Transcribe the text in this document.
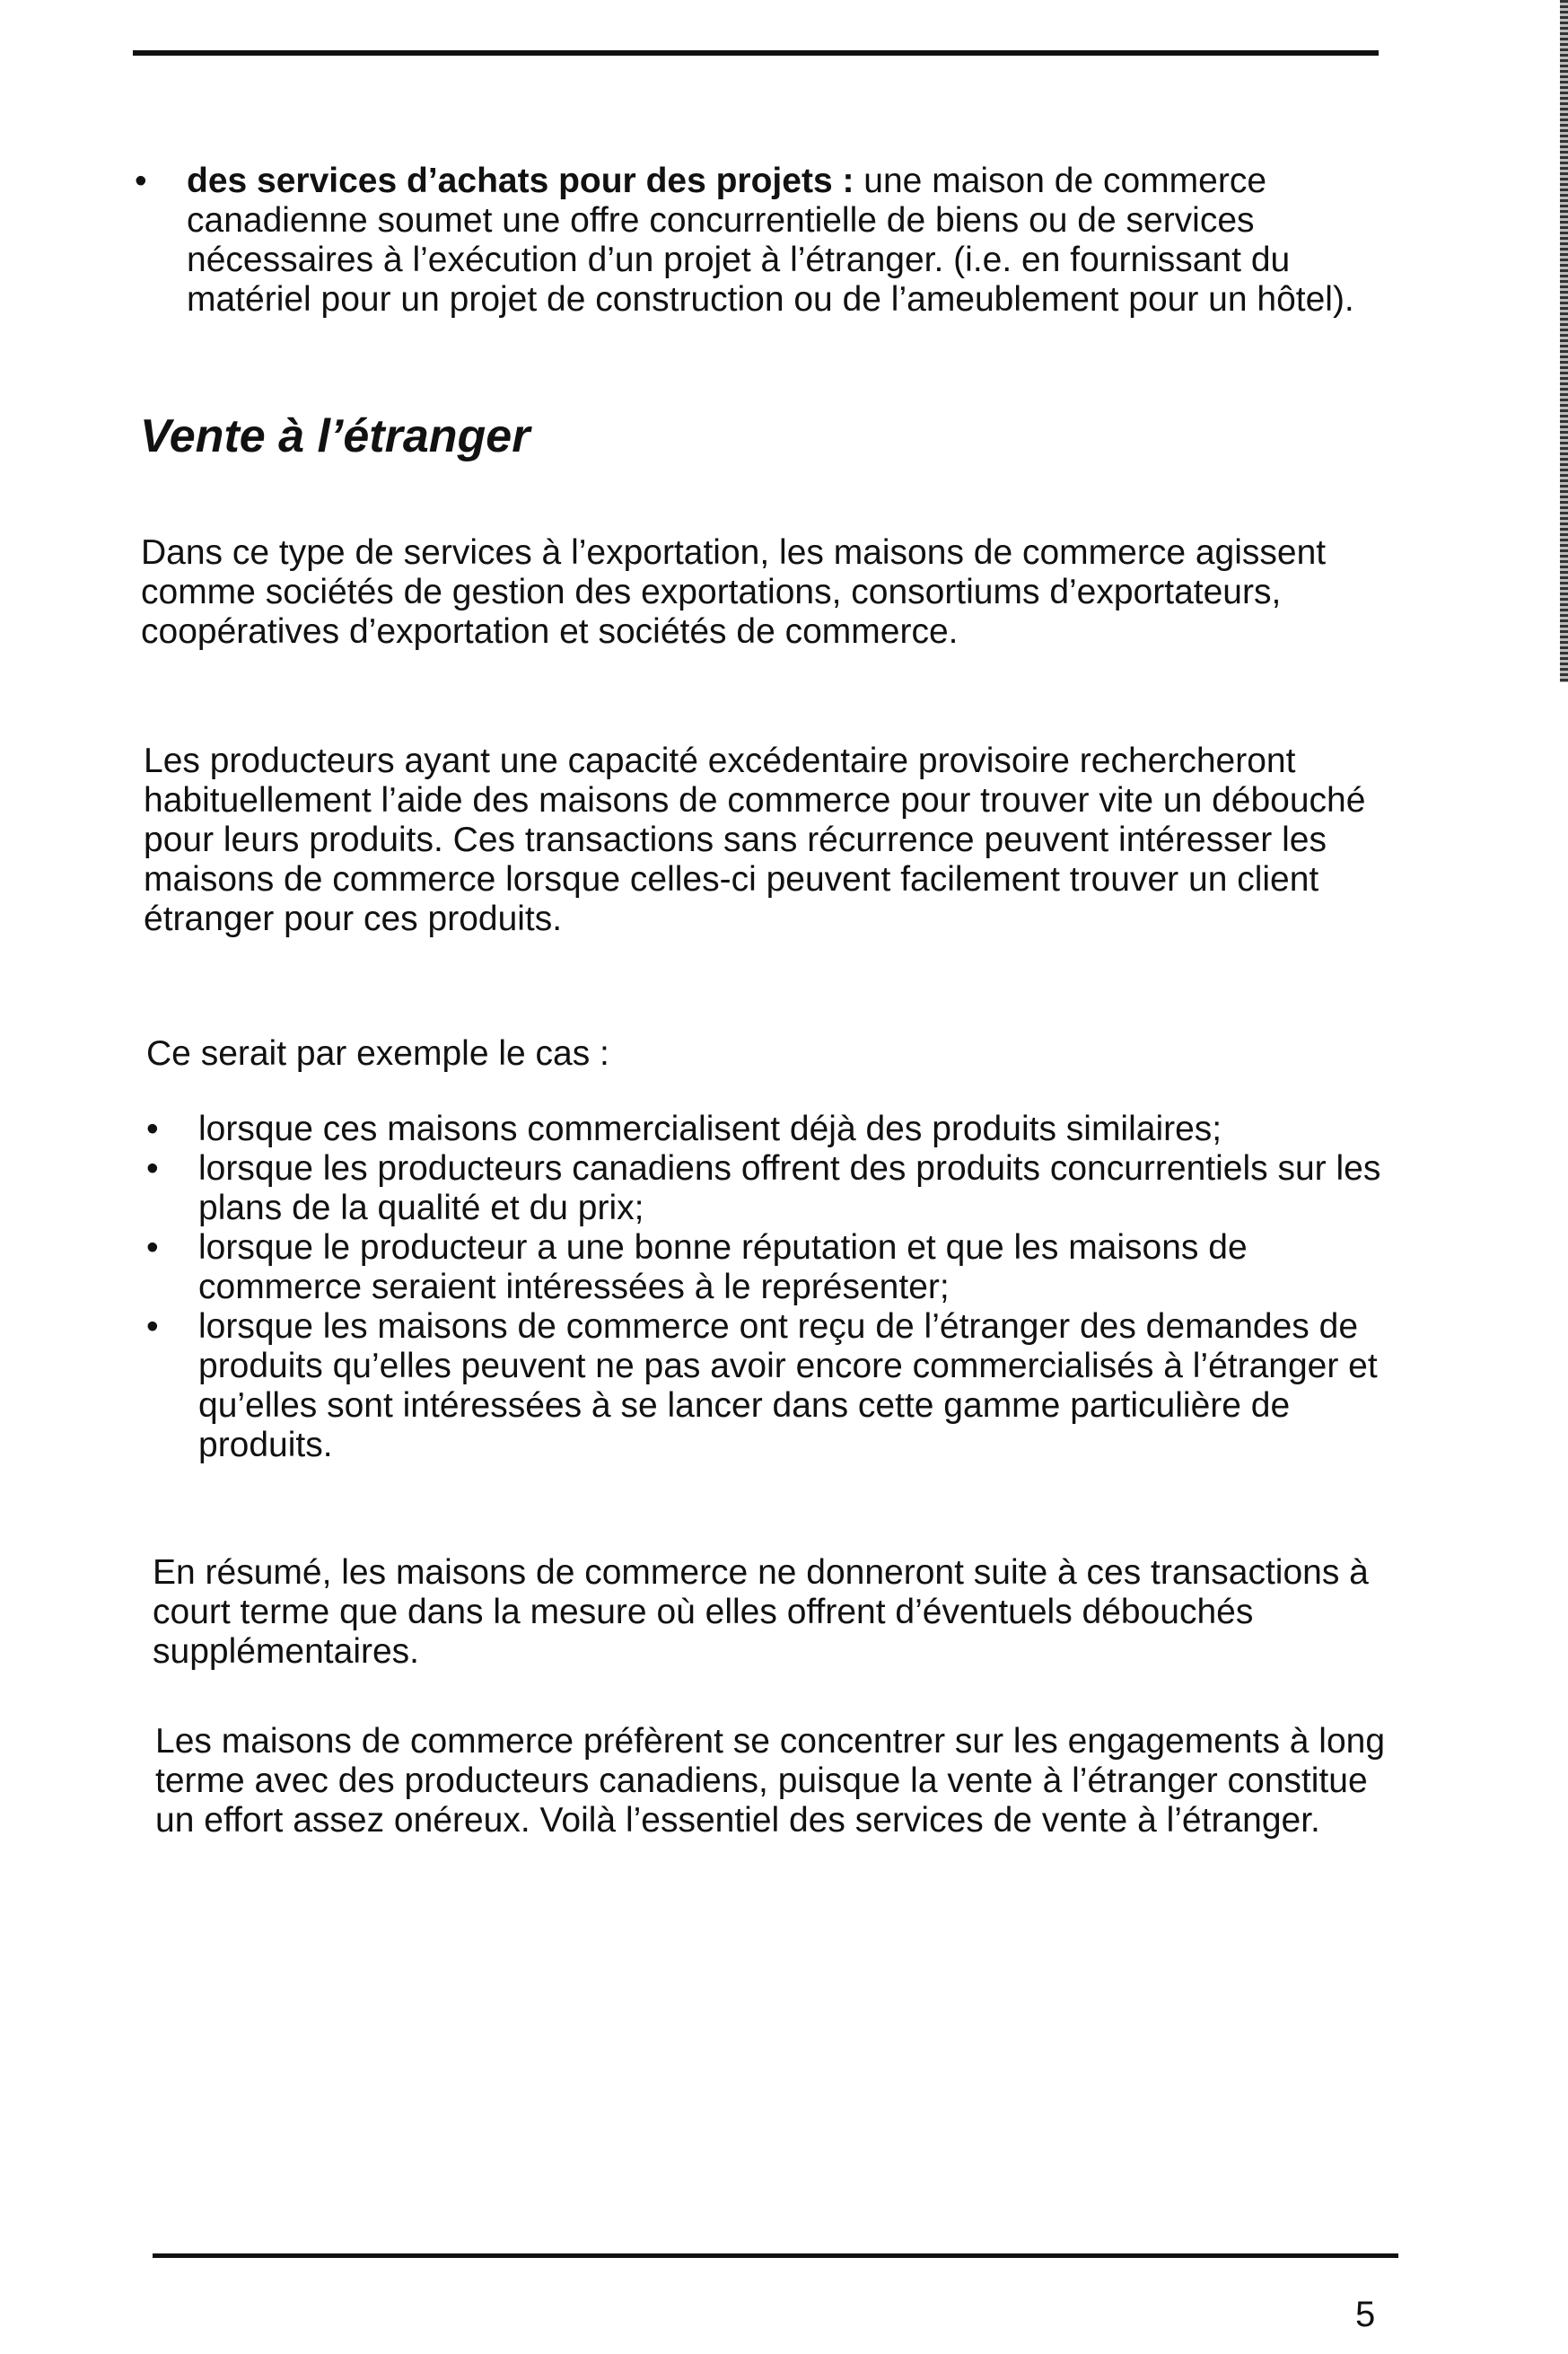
• des services d’achats pour des projets : une maison de commerce canadienne soumet une offre concurrentielle de biens ou de services nécessaires à l’exécution d’un projet à l’étranger. (i.e. en fournissant du matériel pour un projet de construction ou de l’ameublement pour un hôtel).
Vente à l’étranger

Dans ce type de services à l’exportation, les maisons de commerce agissent comme sociétés de gestion des exportations, consortiums d’exportateurs, coopératives d’exportation et sociétés de commerce.

Les producteurs ayant une capacité excédentaire provisoire rechercheront habituellement l’aide des maisons de commerce pour trouver vite un débouché pour leurs produits. Ces transactions sans récurrence peuvent intéresser les maisons de commerce lorsque celles-ci peuvent facilement trouver un client étranger pour ces produits.

Ce serait par exemple le cas :

• lorsque ces maisons commercialisent déjà des produits similaires;
• lorsque les producteurs canadiens offrent des produits concurrentiels sur les plans de la qualité et du prix;
• lorsque le producteur a une bonne réputation et que les maisons de commerce seraient intéressées à le représenter;
• lorsque les maisons de commerce ont reçu de l’étranger des demandes de produits qu’elles peuvent ne pas avoir encore commercialisés à l’étranger et qu’elles sont intéressées à se lancer dans cette gamme particulière de produits.

En résumé, les maisons de commerce ne donneront suite à ces transactions à court terme que dans la mesure où elles offrent d’éventuels débouchés supplémentaires.

Les maisons de commerce préfèrent se concentrer sur les engagements à long terme avec des producteurs canadiens, puisque la vente à l’étranger constitue un effort assez onéreux. Voilà l’essentiel des services de vente à l’étranger.

5
